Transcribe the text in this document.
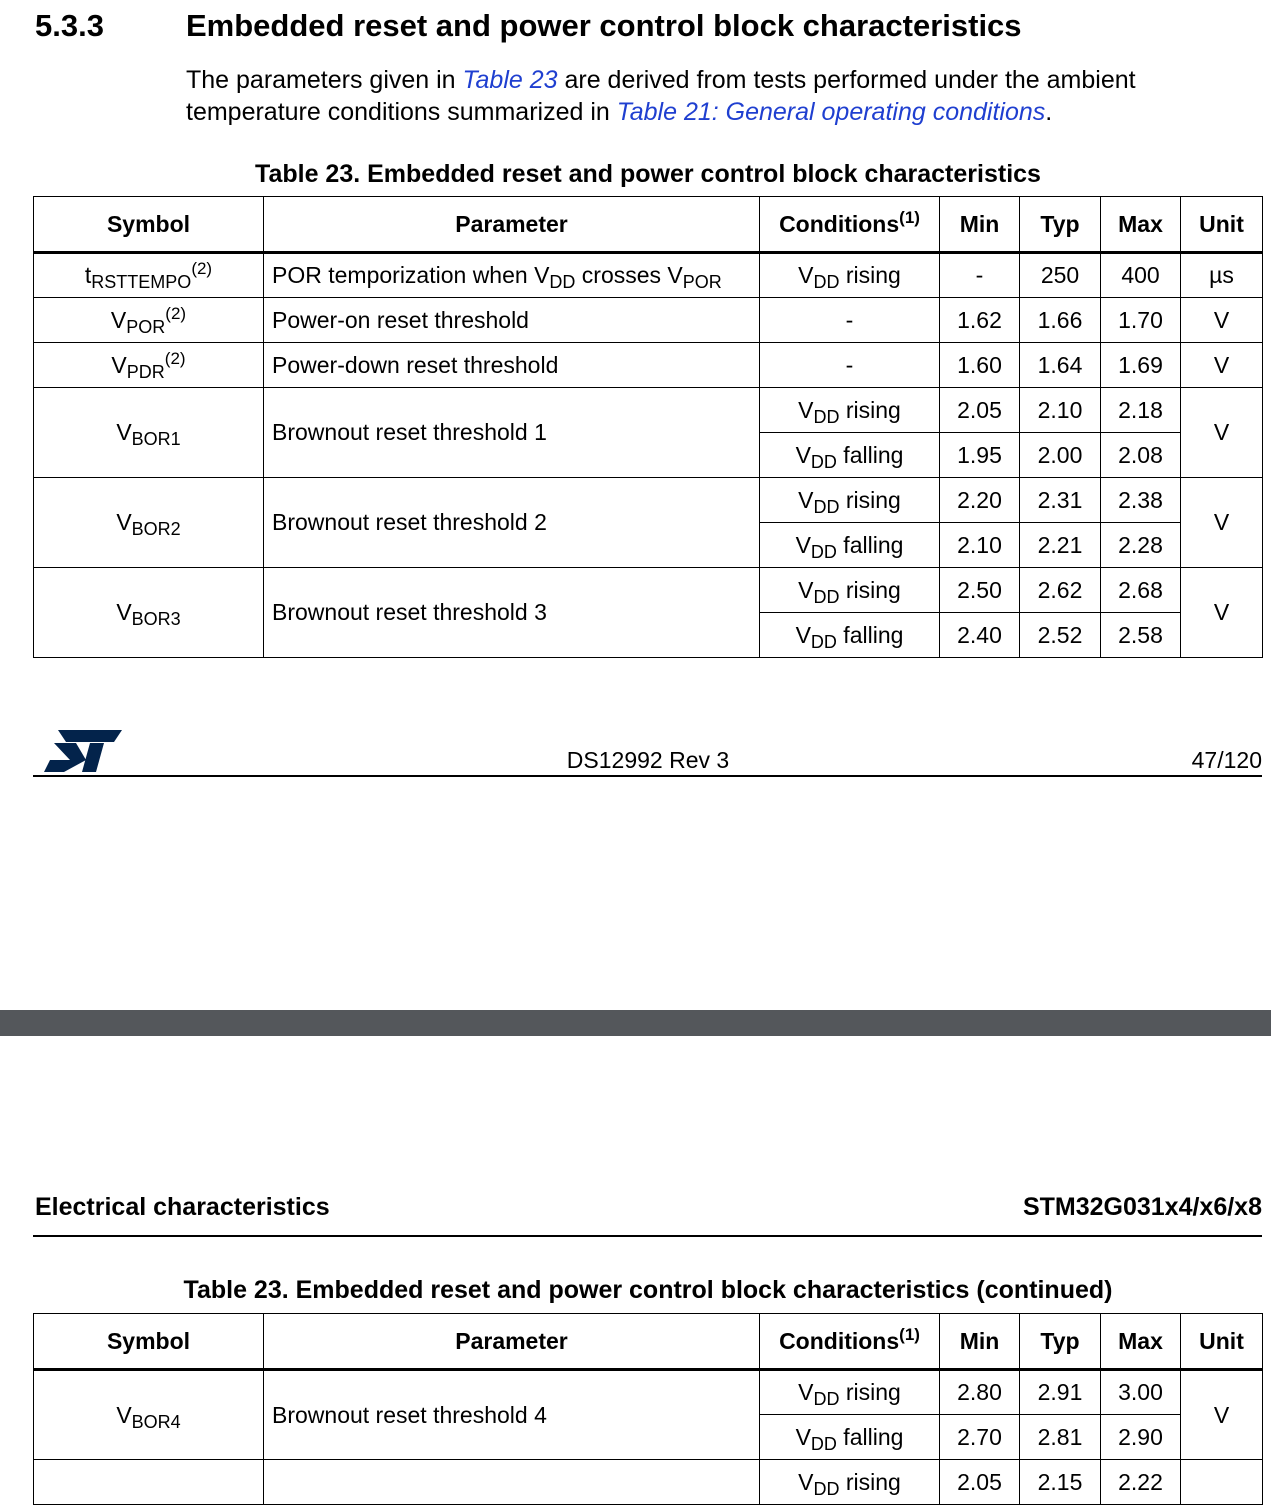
5.3.3	Embedded reset and power control block characteristics
The parameters given in Table 23 are derived from tests performed under the ambient temperature conditions summarized in Table 21: General operating conditions.
Table 23. Embedded reset and power control block characteristics
Symbol	Parameter	Conditions$^{(1)}$	Min	Typ	Max	Unit
$t_{RSTTEMPO}^{(2)}$	POR temporization when $V_{DD}$ crosses $V_{POR}$	$V_{DD}$ rising	-	250	400	µs
$V_{POR}^{(2)}$	Power-on reset threshold	-	1.62	1.66	1.70	V
$V_{PDR}^{(2)}$	Power-down reset threshold	-	1.60	1.64	1.69	V
$V_{BOR1}$	Brownout reset threshold 1	$V_{DD}$ rising	2.05	2.10	2.18	V
		$V_{DD}$ falling	1.95	2.00	2.08	
$V_{BOR2}$	Brownout reset threshold 2	$V_{DD}$ rising	2.20	2.31	2.38	V
		$V_{DD}$ falling	2.10	2.21	2.28	
$V_{BOR3}$	Brownout reset threshold 3	$V_{DD}$ rising	2.50	2.62	2.68	V
		$V_{DD}$ falling	2.40	2.52	2.58	
DS12992 Rev 3	47/120
Electrical characteristics	STM32G031x4/x6/x8
Table 23. Embedded reset and power control block characteristics (continued)
Symbol	Parameter	Conditions$^{(1)}$	Min	Typ	Max	Unit
$V_{BOR4}$	Brownout reset threshold 4	$V_{DD}$ rising	2.80	2.91	3.00	V
		$V_{DD}$ falling	2.70	2.81	2.90	
		$V_{DD}$ rising	2.05	2.15	2.22	
